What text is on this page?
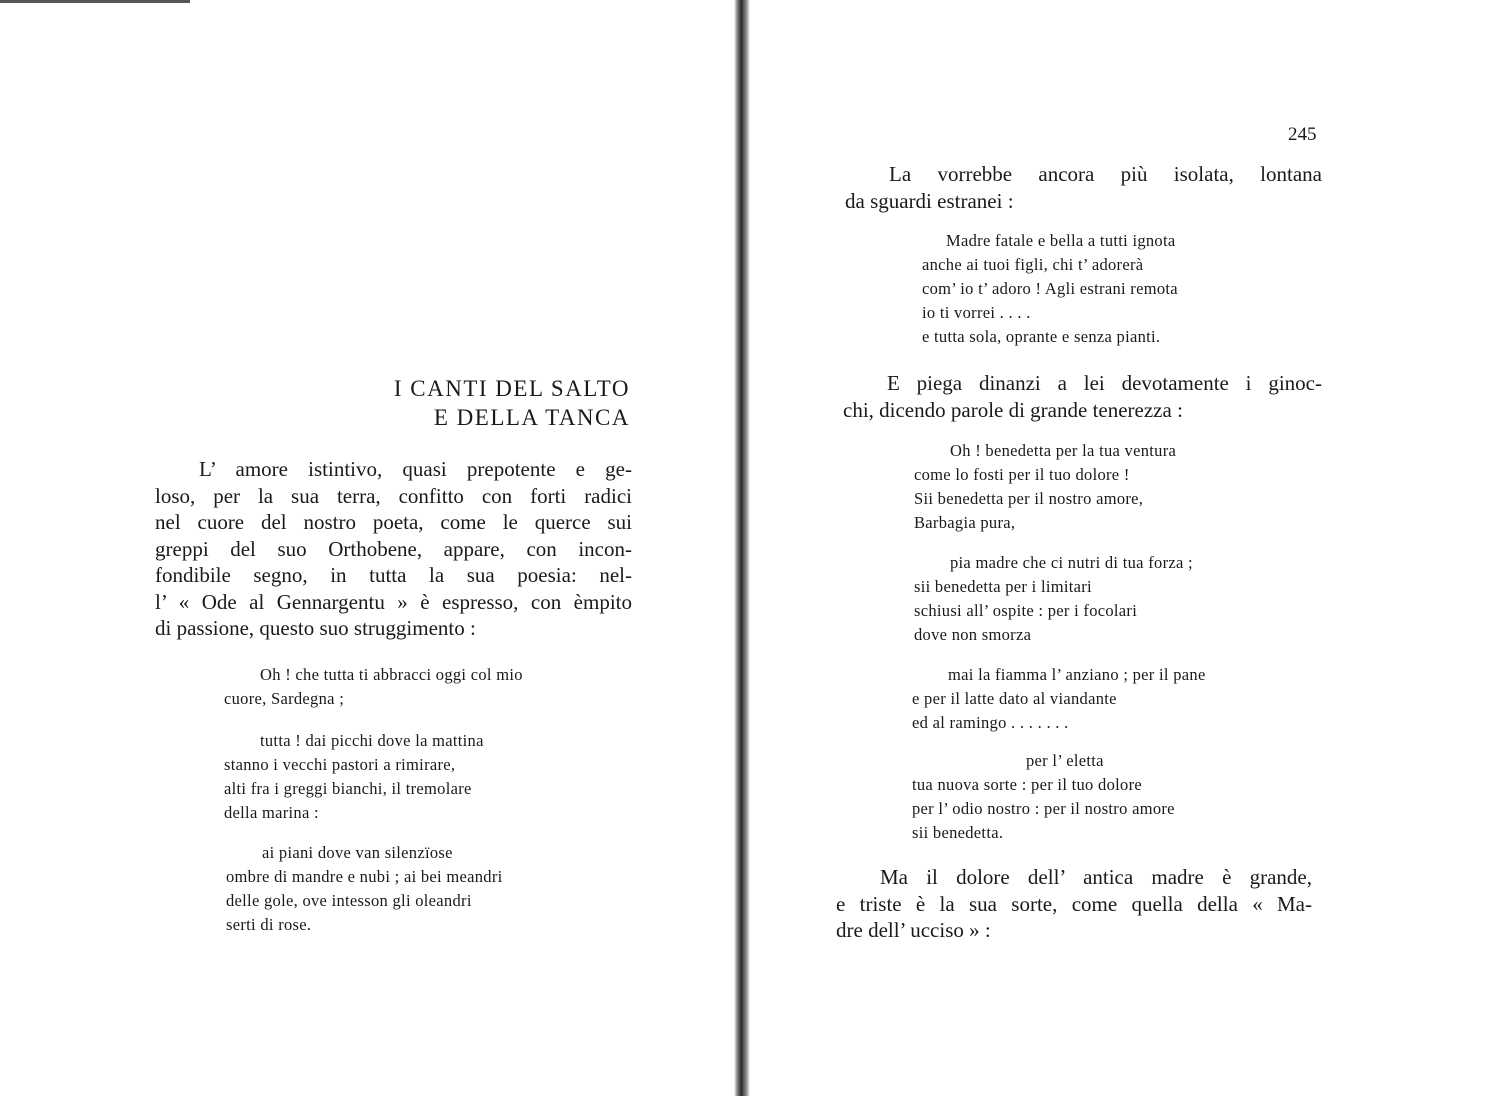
I CANTI DEL SALTO
E DELLA TANCA
L’ amore istintivo, quasi prepotente e ge-
loso, per la sua terra, confitto con forti radici
nel cuore del nostro poeta, come le querce sui
greppi del suo Orthobene, appare, con incon-
fondibile segno, in tutta la sua poesia: nel-
l’ « Ode al Gennargentu » è espresso, con èmpito
di passione, questo suo struggimento :
Oh ! che tutta ti abbracci oggi col mio
cuore, Sardegna ;
tutta ! dai picchi dove la mattina
stanno i vecchi pastori a rimirare,
alti fra i greggi bianchi, il tremolare
della marina :
ai piani dove van silenzïose
ombre di mandre e nubi ; ai bei meandri
delle gole, ove intesson gli oleandri
serti di rose.
245
La vorrebbe ancora più isolata, lontana
da sguardi estranei :
Madre fatale e bella a tutti ignota
anche ai tuoi figli, chi t’ adorerà
com’ io t’ adoro ! Agli estrani remota
io ti vorrei . . . .
e tutta sola, oprante e senza pianti.
E piega dinanzi a lei devotamente i ginoc-
chi, dicendo parole di grande tenerezza :
Oh ! benedetta per la tua ventura
come lo fosti per il tuo dolore !
Sii benedetta per il nostro amore,
Barbagia pura,
pia madre che ci nutri di tua forza ;
sii benedetta per i limitari
schiusi all’ ospite : per i focolari
dove non smorza
mai la fiamma l’ anziano ; per il pane
e per il latte dato al viandante
ed al ramingo . . . . . . .
per l’ eletta
tua nuova sorte : per il tuo dolore
per l’ odio nostro : per il nostro amore
sii benedetta.
Ma il dolore dell’ antica madre è grande,
e triste è la sua sorte, come quella della « Ma-
dre dell’ ucciso » :
